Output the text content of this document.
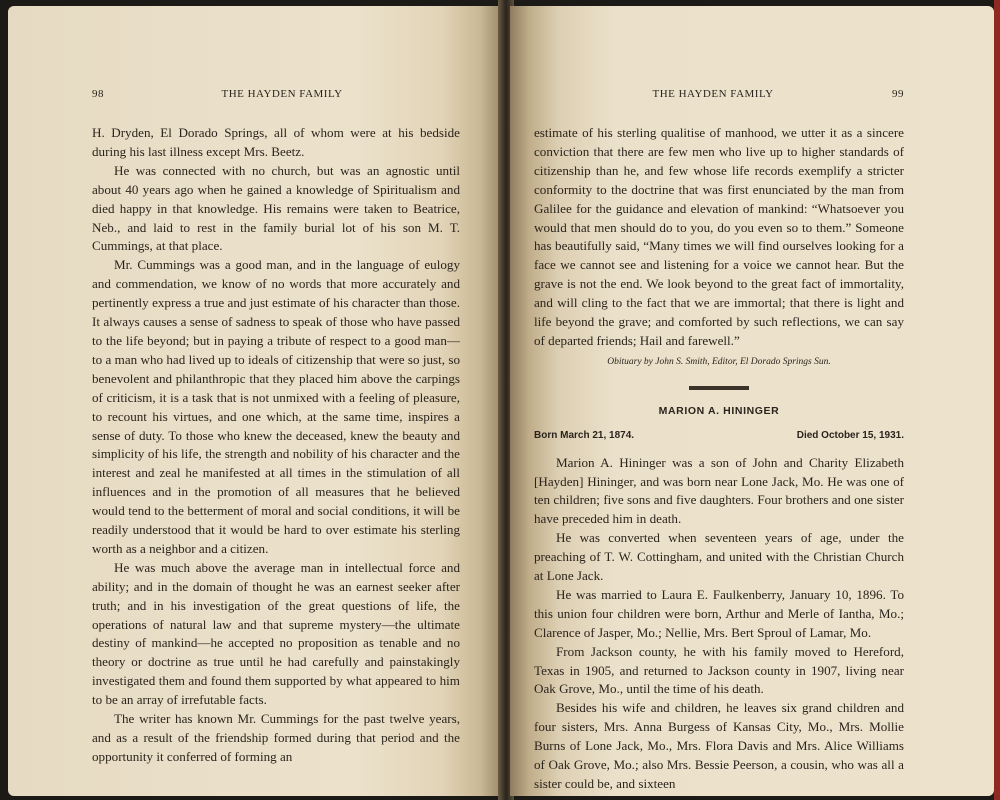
98	THE HAYDEN FAMILY

H. Dryden, El Dorado Springs, all of whom were at his bedside during his last illness except Mrs. Beetz.

He was connected with no church, but was an agnostic until about 40 years ago when he gained a knowledge of Spiritualism and died happy in that knowledge. His remains were taken to Beatrice, Neb., and laid to rest in the family burial lot of his son M. T. Cummings, at that place.

Mr. Cummings was a good man, and in the language of eulogy and commendation, we know of no words that more accurately and pertinently express a true and just estimate of his character than those. It always causes a sense of sadness to speak of those who have passed to the life beyond; but in paying a tribute of respect to a good man—to a man who had lived up to ideals of citizenship that were so just, so benevolent and philanthropic that they placed him above the carpings of criticism, it is a task that is not unmixed with a feeling of pleasure, to recount his virtues, and one which, at the same time, inspires a sense of duty. To those who knew the deceased, knew the beauty and simplicity of his life, the strength and nobility of his character and the interest and zeal he manifested at all times in the stimulation of all influences and in the promotion of all measures that he believed would tend to the betterment of moral and social conditions, it will be readily understood that it would be hard to over estimate his sterling worth as a neighbor and a citizen.

He was much above the average man in intellectual force and ability; and in the domain of thought he was an earnest seeker after truth; and in his investigation of the great questions of life, the operations of natural law and that supreme mystery—the ultimate destiny of mankind—he accepted no proposition as tenable and no theory or doctrine as true until he had carefully and painstakingly investigated them and found them supported by what appeared to him to be an array of irrefutable facts.

The writer has known Mr. Cummings for the past twelve years, and as a result of the friendship formed during that period and the opportunity it conferred of forming an

THE HAYDEN FAMILY	99

estimate of his sterling qualitise of manhood, we utter it as a sincere conviction that there are few men who live up to higher standards of citizenship than he, and few whose life records exemplify a stricter conformity to the doctrine that was first enunciated by the man from Galilee for the guidance and elevation of mankind: “Whatsoever you would that men should do to you, do you even so to them.” Someone has beautifully said, “Many times we will find ourselves looking for a face we cannot see and listening for a voice we cannot hear. But the grave is not the end. We look beyond to the great fact of immortality, and will cling to the fact that we are immortal; that there is light and life beyond the grave; and comforted by such reflections, we can say of departed friends; Hail and farewell.”

Obituary by John S. Smith, Editor, El Dorado Springs Sun.
MARION A. HININGER
Born March 21, 1874.	Died October 15, 1931.

Marion A. Hininger was a son of John and Charity Elizabeth [Hayden] Hininger, and was born near Lone Jack, Mo. He was one of ten children; five sons and five daughters. Four brothers and one sister have preceded him in death.

He was converted when seventeen years of age, under the preaching of T. W. Cottingham, and united with the Christian Church at Lone Jack.

He was married to Laura E. Faulkenberry, January 10, 1896. To this union four children were born, Arthur and Merle of Iantha, Mo.; Clarence of Jasper, Mo.; Nellie, Mrs. Bert Sproul of Lamar, Mo.

From Jackson county, he with his family moved to Hereford, Texas in 1905, and returned to Jackson county in 1907, living near Oak Grove, Mo., until the time of his death.

Besides his wife and children, he leaves six grand children and four sisters, Mrs. Anna Burgess of Kansas City, Mo., Mrs. Mollie Burns of Lone Jack, Mo., Mrs. Flora Davis and Mrs. Alice Williams of Oak Grove, Mo.; also Mrs. Bessie Peerson, a cousin, who was all a sister could be, and sixteen
